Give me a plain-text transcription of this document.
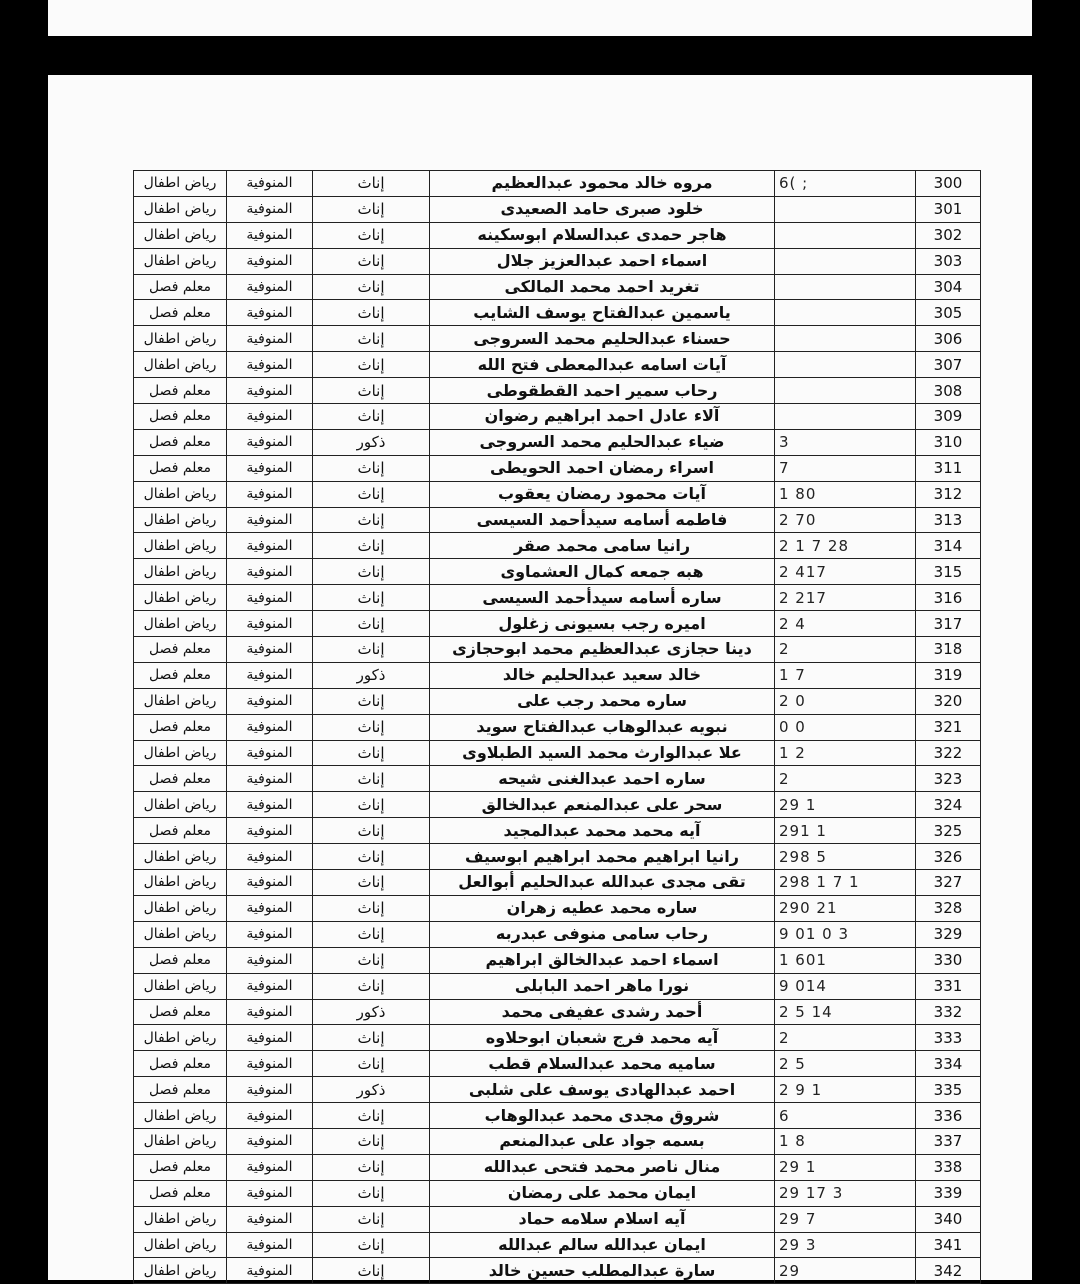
300	6( ;	مروه خالد محمود عبدالعظيم	إناث	المنوفية	رياض اطفال
301		خلود صبرى حامد الصعيدى	إناث	المنوفية	رياض اطفال
302		هاجر حمدى عبدالسلام ابوسكينه	إناث	المنوفية	رياض اطفال
303		اسماء احمد عبدالعزيز جلال	إناث	المنوفية	رياض اطفال
304		تغريد احمد محمد المالكى	إناث	المنوفية	معلم فصل
305		ياسمين عبدالفتاح يوسف الشايب	إناث	المنوفية	معلم فصل
306		حسناء عبدالحليم محمد السروجى	إناث	المنوفية	رياض اطفال
307		آيات اسامه عبدالمعطى فتح الله	إناث	المنوفية	رياض اطفال
308		رحاب سمير احمد القطقوطى	إناث	المنوفية	معلم فصل
309		آلاء عادل احمد ابراهيم رضوان	إناث	المنوفية	معلم فصل
310	3	ضياء عبدالحليم محمد السروجى	ذكور	المنوفية	معلم فصل
311	7	اسراء رمضان احمد الحويطى	إناث	المنوفية	معلم فصل
312	1 80	آيات محمود رمضان يعقوب	إناث	المنوفية	رياض اطفال
313	2 70	فاطمه أسامه سيدأحمد السيسى	إناث	المنوفية	رياض اطفال
314	2 1 7 28	رانيا سامى محمد صقر	إناث	المنوفية	رياض اطفال
315	2 417	هبه جمعه كمال العشماوى	إناث	المنوفية	رياض اطفال
316	2 217	ساره أسامه سيدأحمد السيسى	إناث	المنوفية	رياض اطفال
317	2 4	اميره رجب بسيونى زغلول	إناث	المنوفية	رياض اطفال
318	2	دينا حجازى عبدالعظيم محمد ابوحجازى	إناث	المنوفية	معلم فصل
319	1 7	خالد سعيد عبدالحليم خالد	ذكور	المنوفية	معلم فصل
320	2 0	ساره محمد رجب على	إناث	المنوفية	رياض اطفال
321	0 0	نبويه عبدالوهاب عبدالفتاح سويد	إناث	المنوفية	معلم فصل
322	1 2	علا عبدالوارث محمد السيد الطبلاوى	إناث	المنوفية	رياض اطفال
323	2	ساره احمد عبدالغنى شيحه	إناث	المنوفية	معلم فصل
324	29 1	سحر على عبدالمنعم عبدالخالق	إناث	المنوفية	رياض اطفال
325	291 1	آيه محمد محمد عبدالمجيد	إناث	المنوفية	معلم فصل
326	298 5	رانيا ابراهيم محمد ابراهيم ابوسيف	إناث	المنوفية	رياض اطفال
327	298 1 7 1	تقى مجدى عبدالله عبدالحليم أبوالعل	إناث	المنوفية	رياض اطفال
328	290 21	ساره محمد عطيه زهران	إناث	المنوفية	رياض اطفال
329	9 01 0 3	رحاب سامى منوفى عبدربه	إناث	المنوفية	رياض اطفال
330	1 601	اسماء احمد عبدالخالق ابراهيم	إناث	المنوفية	معلم فصل
331	9 014	نورا ماهر احمد البابلى	إناث	المنوفية	رياض اطفال
332	2 5 14	أحمد رشدى عفيفى محمد	ذكور	المنوفية	معلم فصل
333	2	آيه محمد فرج شعبان ابوحلاوه	إناث	المنوفية	رياض اطفال
334	2 5	ساميه محمد عبدالسلام قطب	إناث	المنوفية	معلم فصل
335	2 9 1	احمد عبدالهادى يوسف على شلبى	ذكور	المنوفية	معلم فصل
336	6	شروق مجدى محمد عبدالوهاب	إناث	المنوفية	رياض اطفال
337	1 8	بسمه جواد على عبدالمنعم	إناث	المنوفية	رياض اطفال
338	29 1	منال ناصر محمد فتحى عبدالله	إناث	المنوفية	معلم فصل
339	29 17 3	ايمان محمد على رمضان	إناث	المنوفية	معلم فصل
340	29 7	آيه اسلام سلامه حماد	إناث	المنوفية	رياض اطفال
341	29 3	ايمان عبدالله سالم عبدالله	إناث	المنوفية	رياض اطفال
342	29	سارة عبدالمطلب حسين خالد	إناث	المنوفية	رياض اطفال
